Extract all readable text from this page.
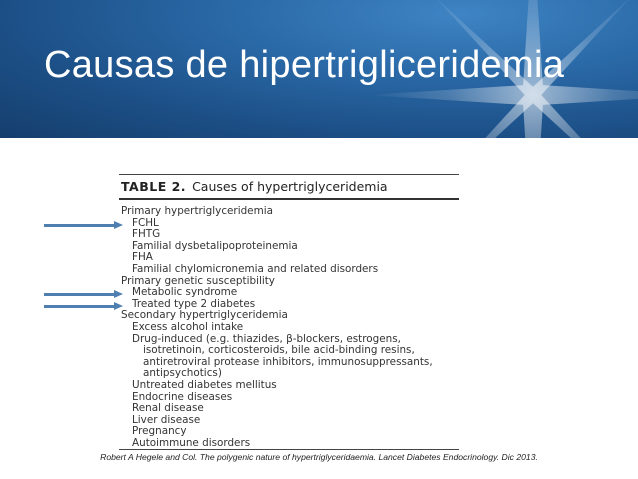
Causas de hipertrigliceridemia
TABLE 2. Causes of hypertriglyceridemia
Primary hypertriglyceridemia
FCHL
FHTG
Familial dysbetalipoproteinemia
FHA
Familial chylomicronemia and related disorders
Primary genetic susceptibility
Metabolic syndrome
Treated type 2 diabetes
Secondary hypertriglyceridemia
Excess alcohol intake
Drug-induced (e.g. thiazides, β-blockers, estrogens,
isotretinoin, corticosteroids, bile acid-binding resins,
antiretroviral protease inhibitors, immunosuppressants,
antipsychotics)
Untreated diabetes mellitus
Endocrine diseases
Renal disease
Liver disease
Pregnancy
Autoimmune disorders
Robert A Hegele and Col. The polygenic nature of hypertriglyceridaemia. Lancet Diabetes Endocrinology. Dic 2013.
